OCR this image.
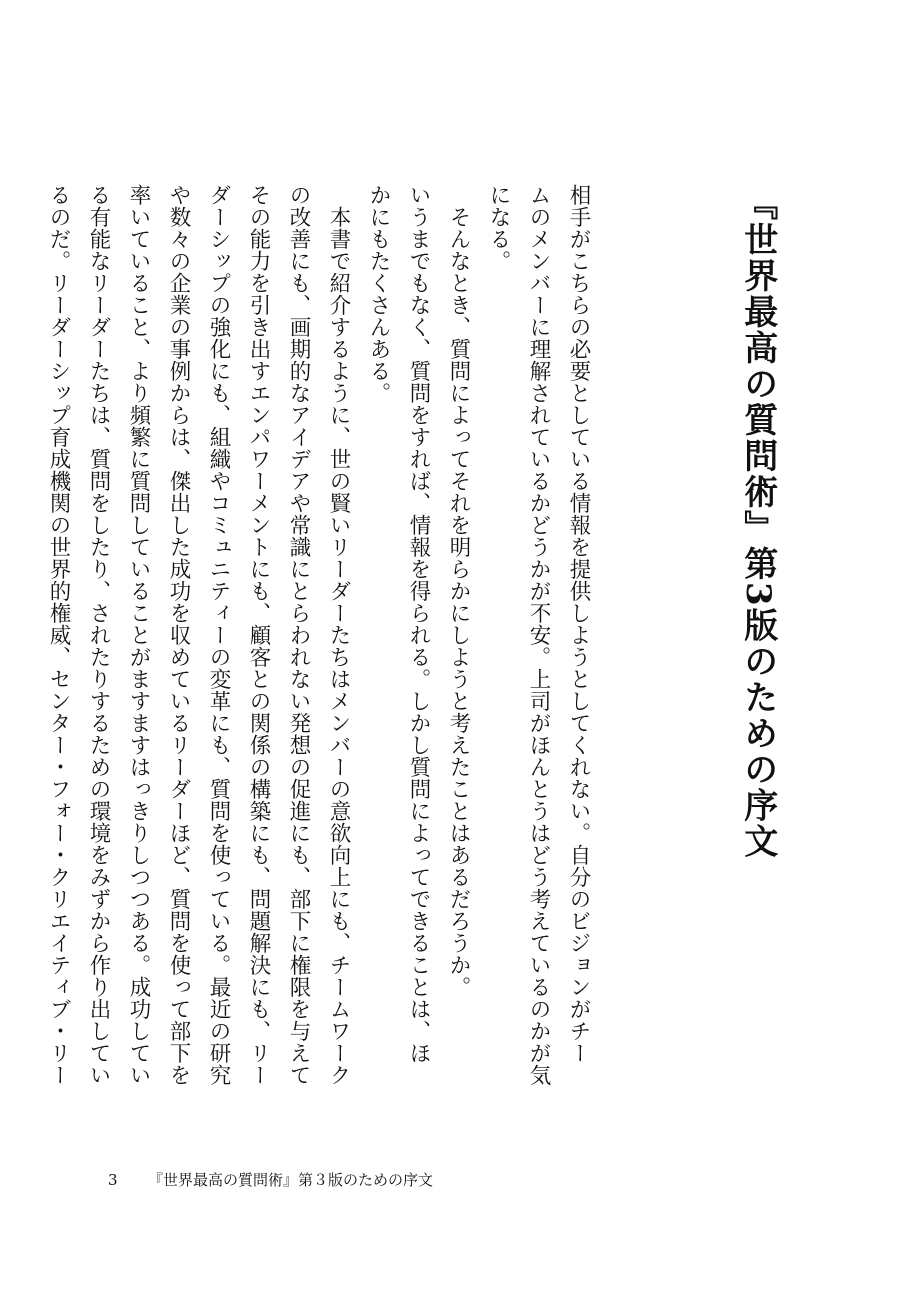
『世界最高の質問術』第3版のための序文
相手がこちらの必要としている情報を提供しようとしてくれない。自分のビジョンがチー
ムのメンバーに理解されているかどうかが不安。上司がほんとうはどう考えているのかが気
になる。
　そんなとき、質問によってそれを明らかにしようと考えたことはあるだろうか。
いうまでもなく、質問をすれば、情報を得られる。しかし質問によってできることは、ほ
かにもたくさんある。
　本書で紹介するように、世の賢いリーダーたちはメンバーの意欲向上にも、チームワーク
の改善にも、画期的なアイデアや常識にとらわれない発想の促進にも、部下に権限を与えて
その能力を引き出すエンパワーメントにも、顧客との関係の構築にも、問題解決にも、リー
ダーシップの強化にも、組織やコミュニティーの変革にも、質問を使っている。最近の研究
や数々の企業の事例からは、傑出した成功を収めているリーダーほど、質問を使って部下を
率いていること、より頻繁に質問していることがますますはっきりしつつある。成功してい
る有能なリーダーたちは、質問をしたり、されたりするための環境をみずから作り出してい
るのだ。リーダーシップ育成機関の世界的権威、センター・フォー・クリエイティブ・リー
3 『世界最高の質問術』第３版のための序文
